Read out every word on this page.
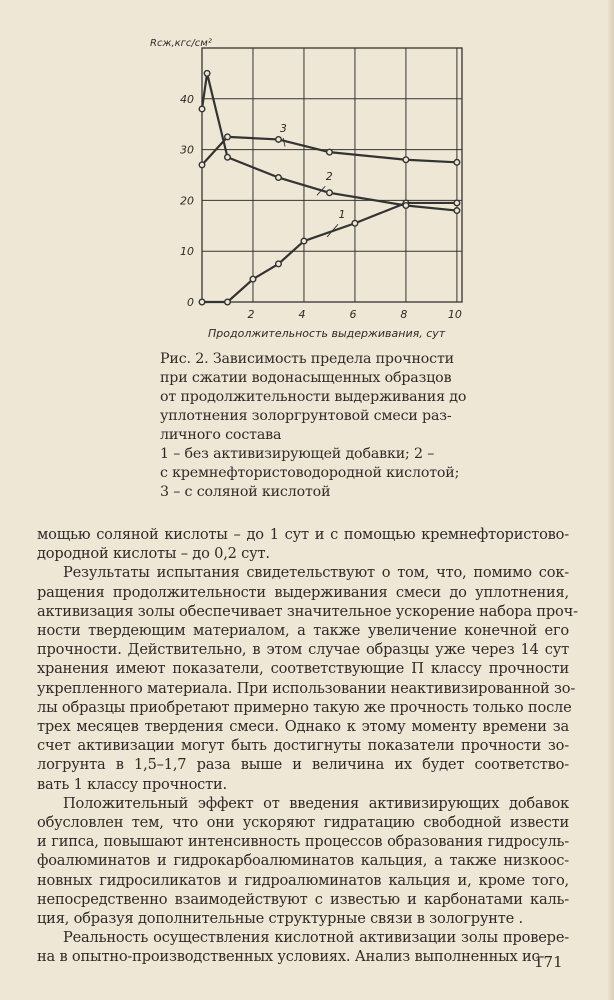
2	4	6	8	10
0
10
20
30
40
Rсж,кгс/см²
Продолжительность выдерживания, сут
1
2
3
Рис. 2. Зависимость предела прочности
при сжатии водонасыщенных образцов
от продолжительности выдерживания до
уплотнения золоргрунтовой смеси раз-
личного состава
1 – без активизирующей добавки; 2 –
с кремнефтористоводородной кислотой;
3 – с соляной кислотой
мощью соляной кислоты – до 1 сут и с помощью кремнефтористово-
дородной кислоты – до 0,2 сут.
Результаты испытания свидетельствуют о том, что, помимо сок-
ращения продолжительности выдерживания смеси до уплотнения,
активизация золы обеспечивает значительное ускорение набора проч-
ности твердеющим материалом, а также увеличение конечной его
прочности. Действительно, в этом случае образцы уже через 14 сут
хранения имеют показатели, соответствующие П классу прочности
укрепленного материала. При использовании неактивизированной зо-
лы образцы приобретают примерно такую же прочность только после
трех месяцев твердения смеси. Однако к этому моменту времени за
счет активизации могут быть достигнуты показатели прочности зо-
логрунта в 1,5–1,7 раза выше и величина их будет соответство-
вать 1 классу прочности.
Положительный эффект от введения активизирующих добавок
обусловлен тем, что они ускоряют гидратацию свободной извести
и гипса, повышают интенсивность процессов образования гидросуль-
фоалюминатов и гидрокарбоалюминатов кальция, а также низкоос-
новных гидросиликатов и гидроалюминатов кальция и, кроме того,
непосредственно взаимодействуют с известью и карбонатами каль-
ция, образуя дополнительные структурные связи в зологрунте .
Реальность осуществления кислотной активизации золы провере-
на в опытно-производственных условиях. Анализ выполненных ис-
171
